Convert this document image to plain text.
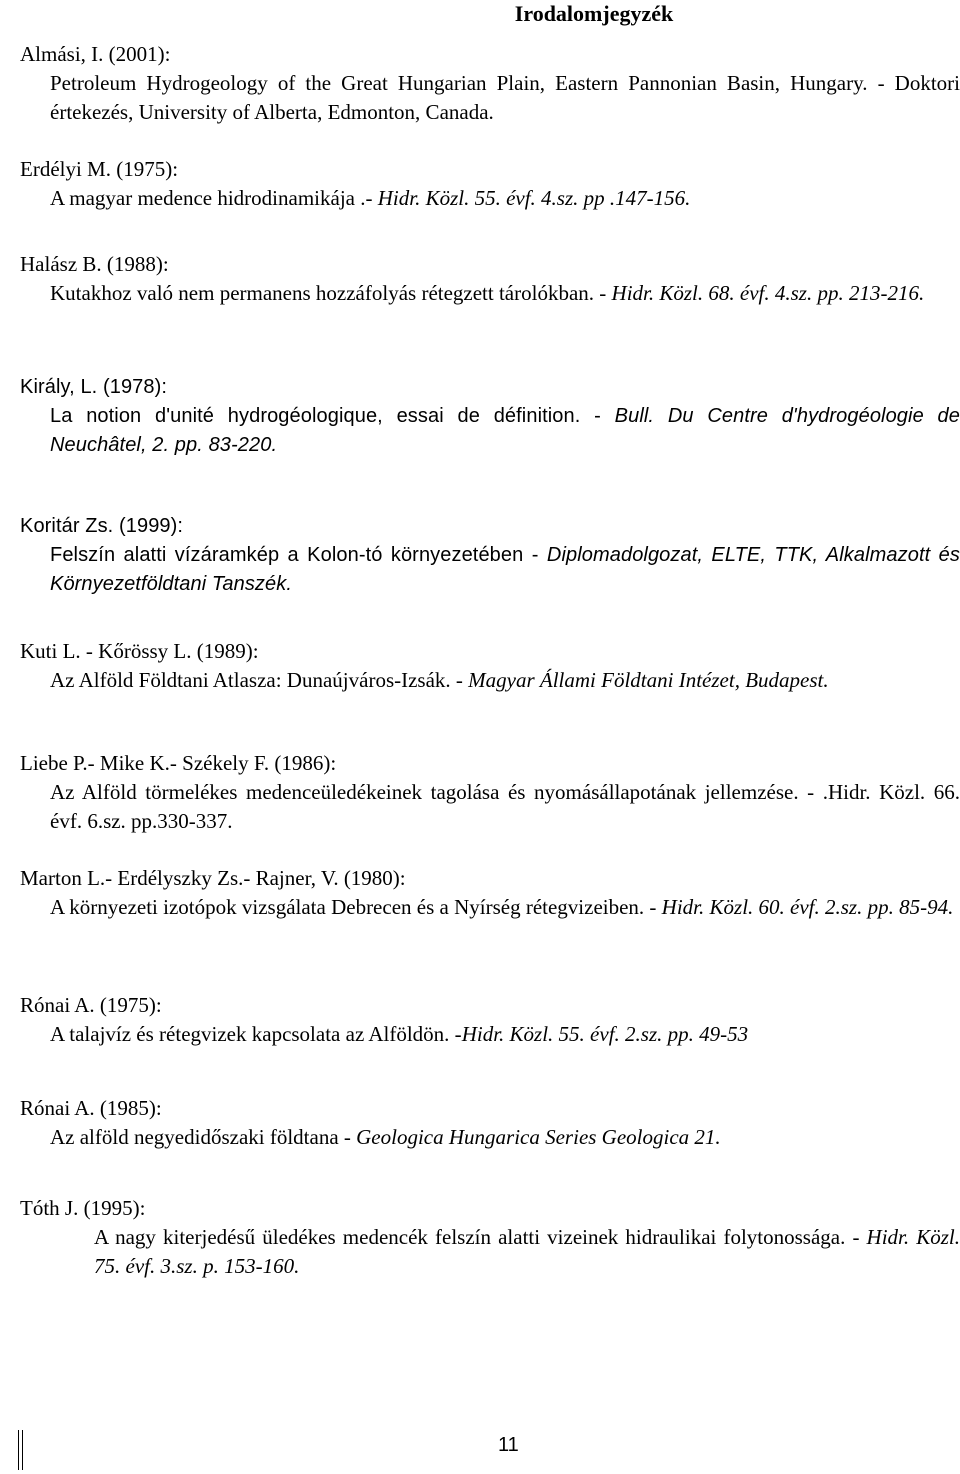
Irodalomjegyzék
Almási, I. (2001):
Petroleum Hydrogeology of the Great Hungarian Plain, Eastern Pannonian Basin, Hungary. - Doktori értekezés, University of Alberta, Edmonton, Canada.
Erdélyi M. (1975):
A magyar medence hidrodinamikája .- Hidr. Közl. 55. évf. 4.sz. pp .147-156.
Halász B. (1988):
Kutakhoz való nem permanens hozzáfolyás rétegzett tárolókban. - Hidr. Közl. 68. évf. 4.sz. pp. 213-216.
Király, L. (1978):
La notion d'unité hydrogéologique, essai de définition. - Bull. Du Centre d'hydrogéologie de Neuchâtel, 2. pp. 83-220.
Koritár Zs. (1999):
Felszín alatti vízáramkép a Kolon-tó környezetében - Diplomadolgozat, ELTE, TTK, Alkalmazott és Környezetföldtani Tanszék.
Kuti L. - Kőrössy L. (1989):
Az Alföld Földtani Atlasza: Dunaújváros-Izsák. - Magyar Állami Földtani Intézet, Budapest.
Liebe P.- Mike K.- Székely F. (1986):
Az Alföld törmelékes medenceüledékeinek tagolása és nyomásállapotának jellemzése. - .Hidr. Közl. 66. évf. 6.sz. pp.330-337.
Marton L.- Erdélyszky Zs.- Rajner, V. (1980):
A környezeti izotópok vizsgálata Debrecen és a Nyírség rétegvizeiben. - Hidr. Közl. 60. évf. 2.sz. pp. 85-94.
Rónai A. (1975):
A talajvíz és rétegvizek kapcsolata az Alföldön. -Hidr. Közl. 55. évf. 2.sz. pp. 49-53
Rónai A. (1985):
Az alföld negyedidőszaki földtana - Geologica Hungarica Series Geologica 21.
Tóth J. (1995):
A nagy kiterjedésű üledékes medencék felszín alatti vizeinek hidraulikai folytonossága. - Hidr. Közl. 75. évf. 3.sz. p. 153-160.
11
